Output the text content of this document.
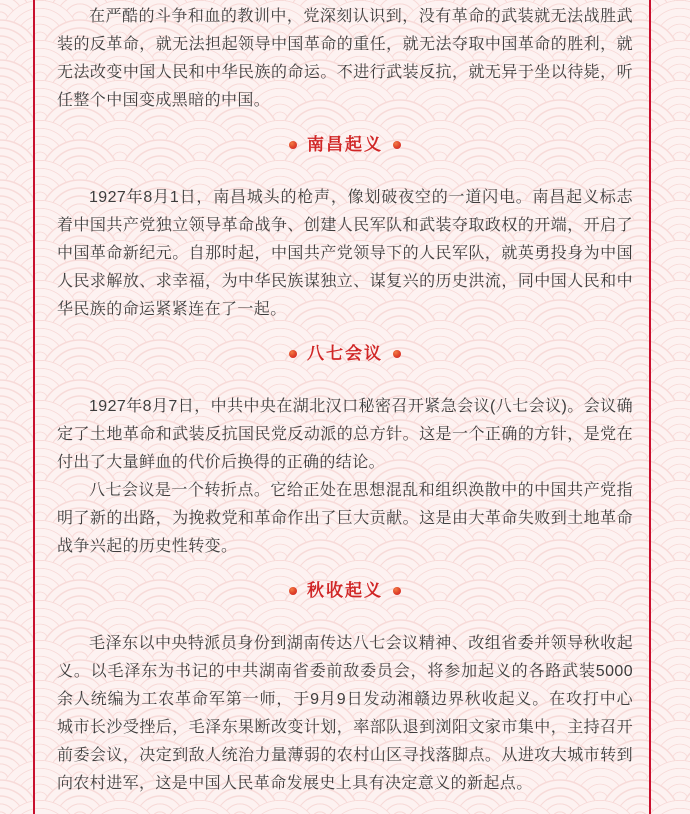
在严酷的斗争和血的教训中，党深刻认识到，没有革命的武装就无法战胜武装的反革命，就无法担起领导中国革命的重任，就无法夺取中国革命的胜利，就无法改变中国人民和中华民族的命运。不进行武装反抗，就无异于坐以待毙，听任整个中国变成黑暗的中国。

南昌起义

1927年8月1日，南昌城头的枪声，像划破夜空的一道闪电。南昌起义标志着中国共产党独立领导革命战争、创建人民军队和武装夺取政权的开端，开启了中国革命新纪元。自那时起，中国共产党领导下的人民军队，就英勇投身为中国人民求解放、求幸福，为中华民族谋独立、谋复兴的历史洪流，同中国人民和中华民族的命运紧紧连在了一起。

八七会议

1927年8月7日，中共中央在湖北汉口秘密召开紧急会议(八七会议)。会议确定了土地革命和武装反抗国民党反动派的总方针。这是一个正确的方针，是党在付出了大量鲜血的代价后换得的正确的结论。

八七会议是一个转折点。它给正处在思想混乱和组织涣散中的中国共产党指明了新的出路，为挽救党和革命作出了巨大贡献。这是由大革命失败到土地革命战争兴起的历史性转变。

秋收起义

毛泽东以中央特派员身份到湖南传达八七会议精神、改组省委并领导秋收起义。以毛泽东为书记的中共湖南省委前敌委员会，将参加起义的各路武装5000余人统编为工农革命军第一师，于9月9日发动湘赣边界秋收起义。在攻打中心城市长沙受挫后，毛泽东果断改变计划，率部队退到浏阳文家市集中，主持召开前委会议，决定到敌人统治力量薄弱的农村山区寻找落脚点。从进攻大城市转到向农村进军，这是中国人民革命发展史上具有决定意义的新起点。
